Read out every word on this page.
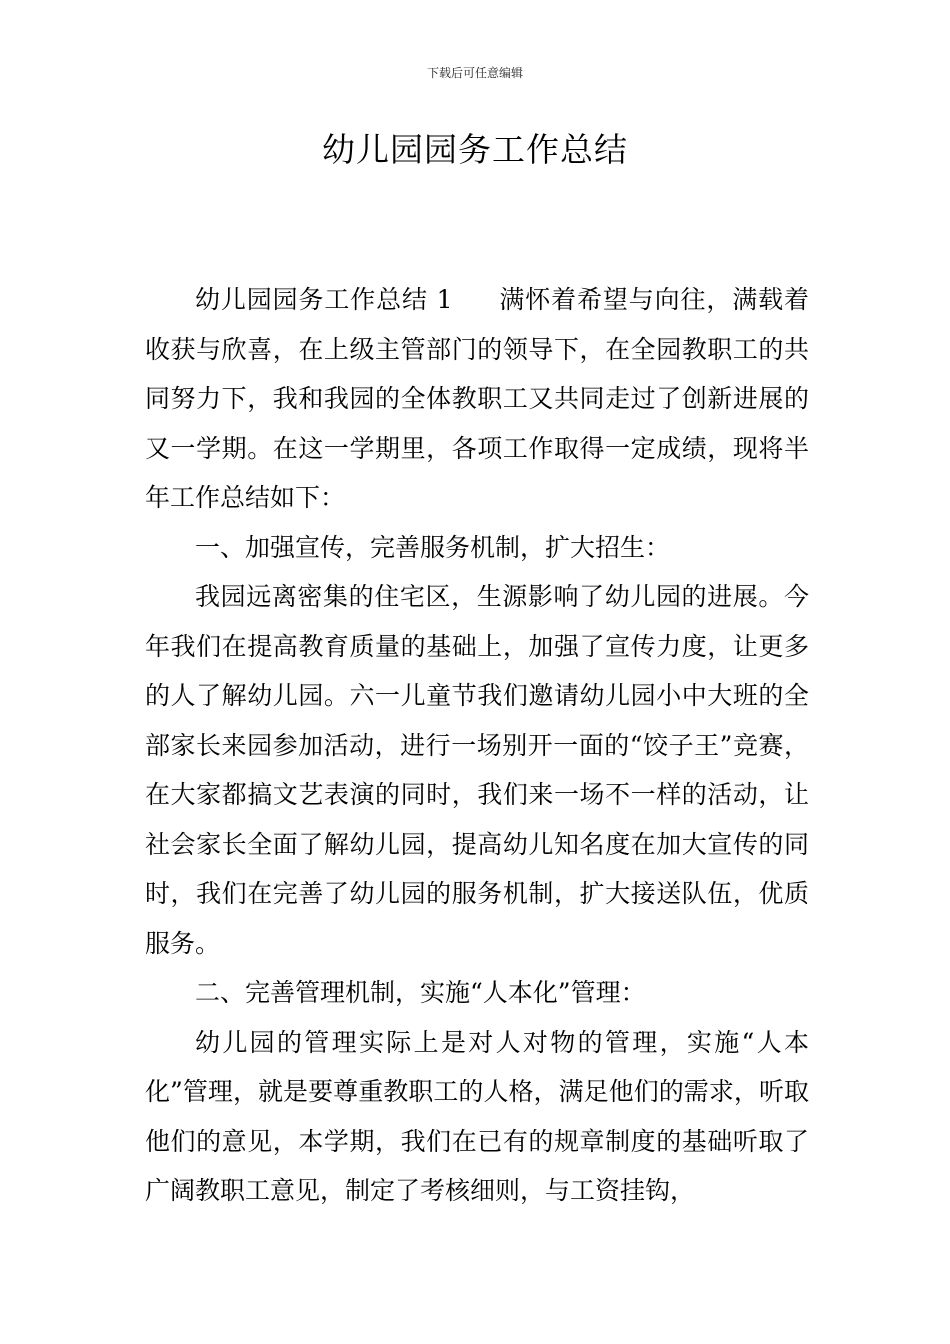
下载后可任意编辑
幼儿园园务工作总结

幼儿园园务工作总结 1 满怀着希望与向往，满载着收获与欣喜，在上级主管部门的领导下，在全园教职工的共同努力下，我和我园的全体教职工又共同走过了创新进展的又一学期。在这一学期里，各项工作取得一定成绩，现将半年工作总结如下：

一、加强宣传，完善服务机制，扩大招生：

我园远离密集的住宅区，生源影响了幼儿园的进展。今年我们在提高教育质量的基础上，加强了宣传力度，让更多的人了解幼儿园。六一儿童节我们邀请幼儿园小中大班的全部家长来园参加活动，进行一场别开一面的“饺子王”竞赛，在大家都搞文艺表演的同时，我们来一场不一样的活动，让社会家长全面了解幼儿园，提高幼儿知名度在加大宣传的同时，我们在完善了幼儿园的服务机制，扩大接送队伍，优质服务。

二、完善管理机制，实施“人本化”管理：

幼儿园的管理实际上是对人对物的管理，实施“人本化”管理，就是要尊重教职工的人格，满足他们的需求，听取他们的意见，本学期，我们在已有的规章制度的基础听取了广阔教职工意见，制定了考核细则，与工资挂钩，
